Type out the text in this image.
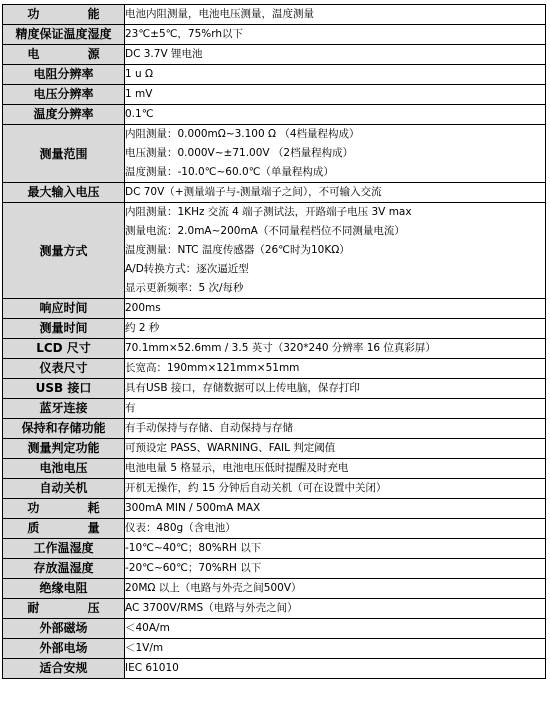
功 能	电池内阻测量，电池电压测量，温度测量

精度保证温度湿度	23℃±5℃，75%rh以下

电 源	DC 3.7V 锂电池

电阻分辨率	1 u Ω

电压分辨率	1 mV

温度分辨率	0.1℃

测量范围	内阻测量：0.000mΩ~3.100 Ω （4档量程构成）
电压测量：0.000V~±71.00V （2档量程构成）
温度测量：-10.0℃~60.0℃（单量程构成）

最大输入电压	DC 70V（+测量端子与-测量端子之间），不可输入交流

测量方式	内阻测量：1KHz 交流 4 端子测试法，开路端子电压 3V max
测量电流：2.0mA~200mA（不同量程档位不同测量电流）
温度测量：NTC 温度传感器（26℃时为10KΩ）
A/D转换方式：逐次逼近型
显示更新频率：5 次/每秒

响应时间	200ms

测量时间	约 2 秒

LCD 尺寸	70.1mm×52.6mm / 3.5 英寸（320*240 分辨率 16 位真彩屏）

仪表尺寸	长宽高：190mm×121mm×51mm

USB 接口	具有USB 接口，存储数据可以上传电脑，保存打印

蓝牙连接	有

保持和存储功能	有手动保持与存储、自动保持与存储

测量判定功能	可预设定 PASS、WARNING、FAIL 判定阈值

电池电压	电池电量 5 格显示，电池电压低时提醒及时充电

自动关机	开机无操作，约 15 分钟后自动关机（可在设置中关闭）

功 耗	300mA MIN / 500mA MAX

质 量	仪表：480g（含电池）

工作温湿度	-10℃~40℃；80%RH 以下

存放温湿度	-20℃~60℃；70%RH 以下

绝缘电阻	20MΩ 以上（电路与外壳之间500V）

耐 压	AC 3700V/RMS（电路与外壳之间）

外部磁场	＜40A/m

外部电场	＜1V/m

适合安规	IEC 61010
